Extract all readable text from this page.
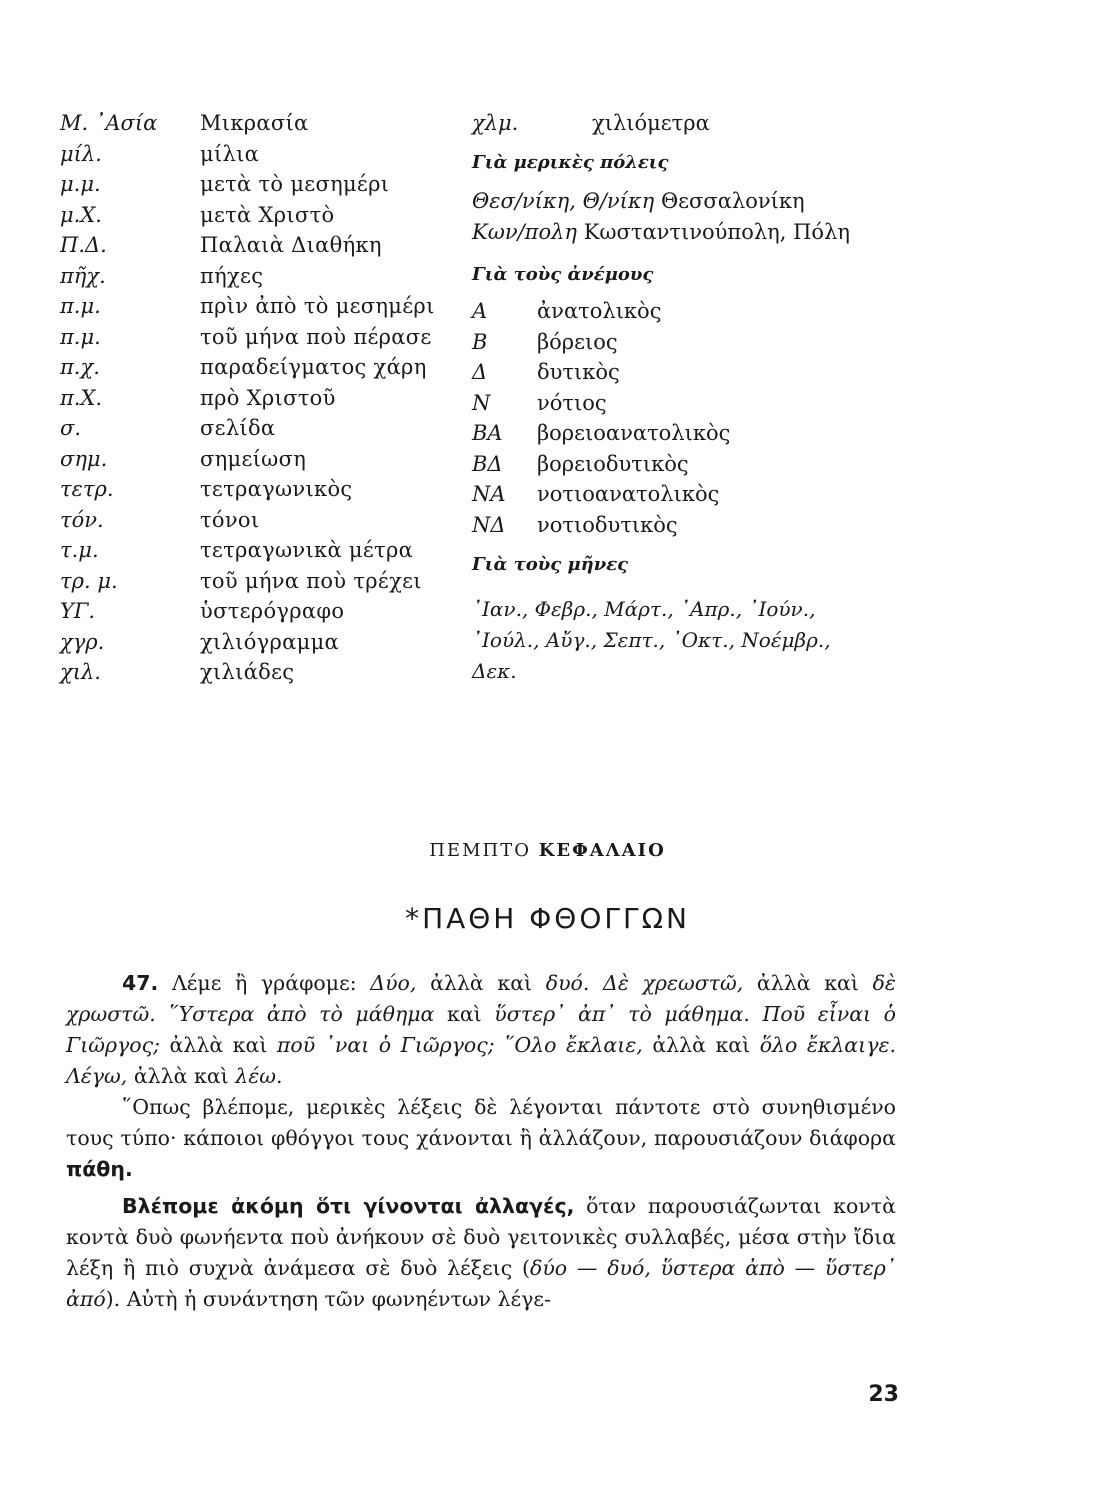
Μ. ᾿Ασία	Μικρασία
μίλ.	μίλια
μ.μ.	μετὰ τὸ μεσημέρι
μ.Χ.	μετὰ Χριστὸ
Π.Δ.	Παλαιὰ Διαθήκη
πῆχ.	πήχες
π.μ.	πρὶν ἀπὸ τὸ μεσημέρι
π.μ.	τοῦ μήνα ποὺ πέρασε
π.χ.	παραδείγματος χάρη
π.Χ.	πρὸ Χριστοῦ
σ.	σελίδα
σημ.	σημείωση
τετρ.	τετραγωνικὸς
τόν.	τόνοι
τ.μ.	τετραγωνικὰ μέτρα
τρ. μ.	τοῦ μήνα ποὺ τρέχει
ΥΓ.	ὑστερόγραφο
χγρ.	χιλιόγραμμα
χιλ.	χιλιάδες
χλμ.	χιλιόμετρα
Γιὰ μερικὲς πόλεις
Θεσ/νίκη, Θ/νίκη Θεσσαλονίκη
Κων/πολη Κωσταντινούπολη, Πόλη
Γιὰ τοὺς ἀνέμους
Α	ἀνατολικὸς
Β	βόρειος
Δ	δυτικὸς
Ν	νότιος
ΒΑ	βορειοανατολικὸς
ΒΔ	βορειοδυτικὸς
ΝΑ	νοτιοανατολικὸς
ΝΔ	νοτιοδυτικὸς
Γιὰ τοὺς μῆνες
᾿Ιαν., Φεβρ., Μάρτ., ᾿Απρ., ᾿Ιούν.,
᾿Ιούλ., Αὔγ., Σεπτ., ᾿Οκτ., Νοέμβρ.,
Δεκ.
ΠΕΜΠΤΟ ΚΕΦΑΛΑΙΟ
*ΠΑΘΗ ΦΘΟΓΓΩΝ

47. Λέμε ἢ γράφομε: Δύο, ἀλλὰ καὶ δυό. Δὲ χρεωστῶ, ἀλλὰ καὶ δὲ χρωστῶ. ῞Υστερα ἀπὸ τὸ μάθημα καὶ ὕστερ᾿ ἀπ᾿ τὸ μάθημα. Ποῦ εἶναι ὁ Γιῶργος; ἀλλὰ καὶ ποῦ ᾿ναι ὁ Γιῶργος; ῞Ολο ἔκλαιε, ἀλλὰ καὶ ὅλο ἔκλαιγε. Λέγω, ἀλλὰ καὶ λέω.

῞Οπως βλέπομε, μερικὲς λέξεις δὲ λέγονται πάντοτε στὸ συνηθισμένο τους τύπο· κάποιοι φθόγγοι τους χάνονται ἢ ἀλλάζουν, παρουσιάζουν διάφορα πάθη.

Βλέπομε ἀκόμη ὅτι γίνονται ἀλλαγές, ὅταν παρουσιάζωνται κοντὰ κοντὰ δυὸ φωνήεντα ποὺ ἀνήκουν σὲ δυὸ γειτονικὲς συλλαβές, μέσα στὴν ἴδια λέξη ἢ πιὸ συχνὰ ἀνάμεσα σὲ δυὸ λέξεις (δύο — δυό, ὕστερα ἀπὸ — ὕστερ᾿ ἀπό). Αὐτὴ ἡ συνάντηση τῶν φωνηέντων λέγε-

23
